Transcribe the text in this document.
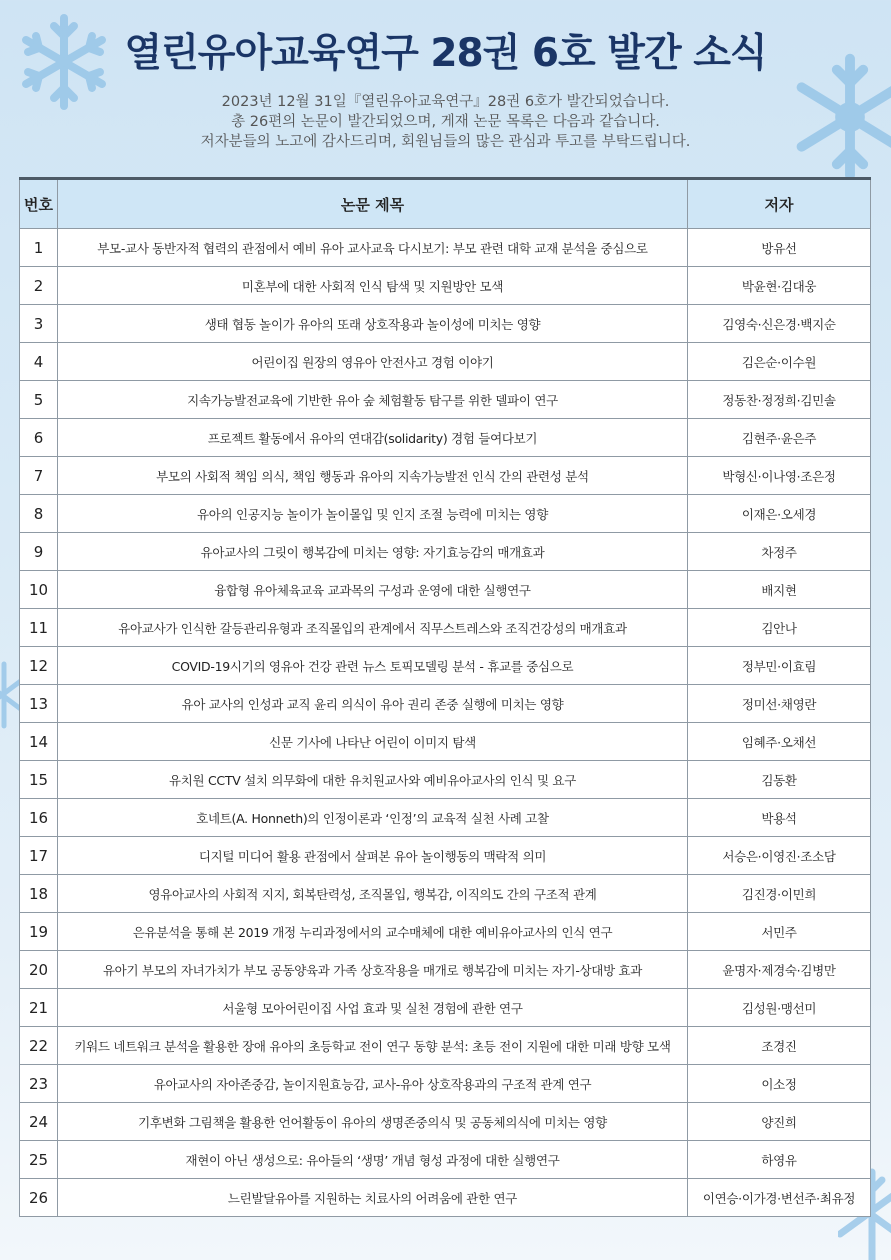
열린유아교육연구 28권 6호 발간 소식
2023년 12월 31일『열린유아교육연구』28권 6호가 발간되었습니다.
총 26편의 논문이 발간되었으며, 게재 논문 목록은 다음과 같습니다.
저자분들의 노고에 감사드리며, 회원님들의 많은 관심과 투고를 부탁드립니다.
번호	논문 제목	저자
1	부모-교사 동반자적 협력의 관점에서 예비 유아 교사교육 다시보기: 부모 관련 대학 교재 분석을 중심으로	방유선
2	미혼부에 대한 사회적 인식 탐색 및 지원방안 모색	박윤현·김대웅
3	생태 협동 놀이가 유아의 또래 상호작용과 놀이성에 미치는 영향	김영숙·신은경·백지순
4	어린이집 원장의 영유아 안전사고 경험 이야기	김은순·이수원
5	지속가능발전교육에 기반한 유아 숲 체험활동 탐구를 위한 델파이 연구	정동찬·정정희·김민솔
6	프로젝트 활동에서 유아의 연대감(solidarity) 경험 들여다보기	김현주·윤은주
7	부모의 사회적 책임 의식, 책임 행동과 유아의 지속가능발전 인식 간의 관련성 분석	박형신·이나영·조은정
8	유아의 인공지능 놀이가 놀이몰입 및 인지 조절 능력에 미치는 영향	이재은·오세경
9	유아교사의 그릿이 행복감에 미치는 영향: 자기효능감의 매개효과	차정주
10	융합형 유아체육교육 교과목의 구성과 운영에 대한 실행연구	배지현
11	유아교사가 인식한 갈등관리유형과 조직몰입의 관계에서 직무스트레스와 조직건강성의 매개효과	김안나
12	COVID-19시기의 영유아 건강 관련 뉴스 토픽모델링 분석 - 휴교를 중심으로	정부민·이효림
13	유아 교사의 인성과 교직 윤리 의식이 유아 권리 존중 실행에 미치는 영향	정미선·채영란
14	신문 기사에 나타난 어린이 이미지 탐색	임혜주·오채선
15	유치원 CCTV 설치 의무화에 대한 유치원교사와 예비유아교사의 인식 및 요구	김동환
16	호네트(A. Honneth)의 인정이론과 ‘인정’의 교육적 실천 사례 고찰	박용석
17	디지털 미디어 활용 관점에서 살펴본 유아 놀이행동의 맥락적 의미	서승은·이영진·조소담
18	영유아교사의 사회적 지지, 회복탄력성, 조직몰입, 행복감, 이직의도 간의 구조적 관계	김진경·이민희
19	은유분석을 통해 본 2019 개정 누리과정에서의 교수매체에 대한 예비유아교사의 인식 연구	서민주
20	유아기 부모의 자녀가치가 부모 공동양육과 가족 상호작용을 매개로 행복감에 미치는 자기-상대방 효과	윤명자·제경숙·김병만
21	서울형 모아어린이집 사업 효과 및 실천 경험에 관한 연구	김성원·맹선미
22	키워드 네트워크 분석을 활용한 장애 유아의 초등학교 전이 연구 동향 분석: 초등 전이 지원에 대한 미래 방향 모색	조경진
23	유아교사의 자아존중감, 놀이지원효능감, 교사-유아 상호작용과의 구조적 관계 연구	이소정
24	기후변화 그림책을 활용한 언어활동이 유아의 생명존중의식 및 공동체의식에 미치는 영향	양진희
25	재현이 아닌 생성으로: 유아들의 ‘생명’ 개념 형성 과정에 대한 실행연구	하영유
26	느린발달유아를 지원하는 치료사의 어려움에 관한 연구	이연승·이가경·변선주·최유정
